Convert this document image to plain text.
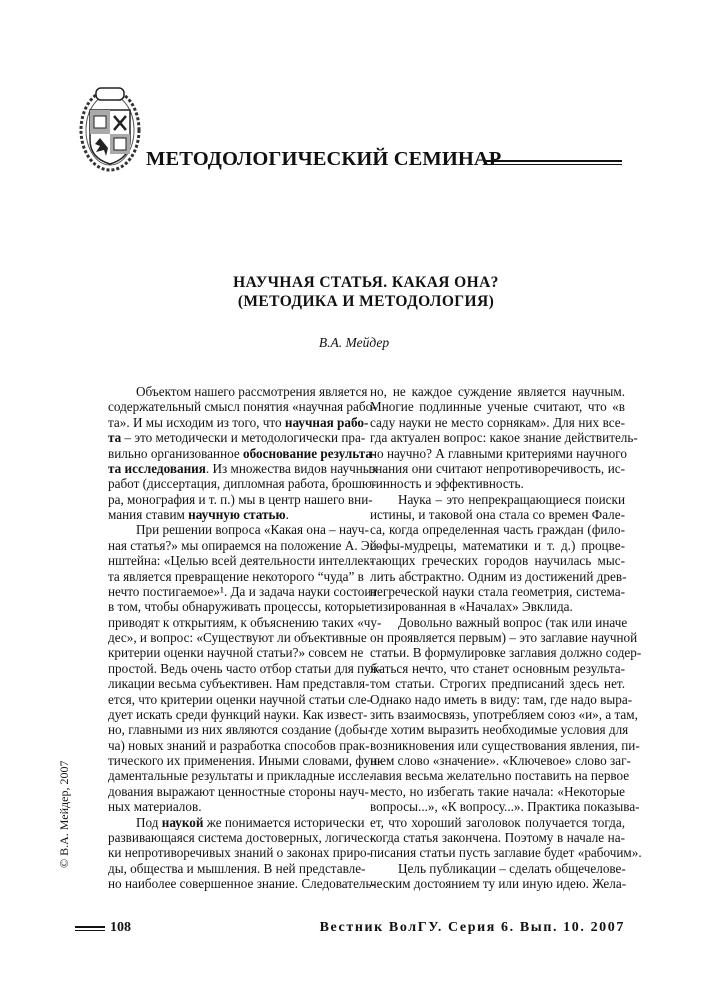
МЕТОДОЛОГИЧЕСКИЙ СЕМИНАР
НАУЧНАЯ СТАТЬЯ. КАКАЯ ОНА?
(МЕТОДИКА И МЕТОДОЛОГИЯ)
В.А. Мейдер
Объектом нашего рассмотрения является
содержательный смысл понятия «научная рабо-
та». И мы исходим из того, что научная рабо-
та – это методически и методологически пра-
вильно организованное обоснование результа-
та исследования. Из множества видов научных
работ (диссертация, дипломная работа, брошю-
ра, монография и т. п.) мы в центр нашего вни-
мания ставим научную статью.
При решении вопроса «Какая она – науч-
ная статья?» мы опираемся на положение А. Эй-
нштейна: «Целью всей деятельности интеллек-
та является превращение некоторого “чуда” в
нечто постигаемое»¹. Да и задача науки состоит
в том, чтобы обнаруживать процессы, которые
приводят к открытиям, к объяснению таких «чу-
дес», и вопрос: «Существуют ли объективные
критерии оценки научной статьи?» совсем не
простой. Ведь очень часто отбор статьи для пуб-
ликации весьма субъективен. Нам представля-
ется, что критерии оценки научной статьи сле-
дует искать среди функций науки. Как извест-
но, главными из них являются создание (добы-
ча) новых знаний и разработка способов прак-
тического их применения. Иными словами, фун-
даментальные результаты и прикладные иссле-
дования выражают ценностные стороны науч-
ных материалов.
Под наукой же понимается исторически
развивающаяся система достоверных, логичес-
ки непротиворечивых знаний о законах приро-
ды, общества и мышления. В ней представле-
но наиболее совершенное знание. Следователь-
но, не каждое суждение является научным.
Многие подлинные ученые считают, что «в
саду науки не место сорнякам». Для них все-
гда актуален вопрос: какое знание действитель-
но научно? А главными критериями научного
знания они считают непротиворечивость, ис-
тинность и эффективность.
Наука – это непрекращающиеся поиски
истины, и таковой она стала со времен Фале-
са, когда определенная часть граждан (фило-
софы-мудрецы, математики и т. д.) процве-
тающих греческих городов научилась мыс-
лить абстрактно. Одним из достижений древ-
негреческой науки стала геометрия, система-
тизированная в «Началах» Эвклида.
Довольно важный вопрос (так или иначе
он проявляется первым) – это заглавие научной
статьи. В формулировке заглавия должно содер-
жаться нечто, что станет основным результа-
том статьи. Строгих предписаний здесь нет.
Однако надо иметь в виду: там, где надо выра-
зить взаимосвязь, употребляем союз «и», а там,
где хотим выразить необходимые условия для
возникновения или существования явления, пи-
шем слово «значение». «Ключевое» слово заг-
лавия весьма желательно поставить на первое
место, но избегать такие начала: «Некоторые
вопросы...», «К вопросу...». Практика показыва-
ет, что хороший заголовок получается тогда,
когда статья закончена. Поэтому в начале на-
писания статьи пусть заглавие будет «рабочим».
Цель публикации – сделать общечелове-
ческим достоянием ту или иную идею. Жела-
© В.А. Мейдер, 2007
108	Вестник ВолГУ. Серия 6. Вып. 10. 2007
